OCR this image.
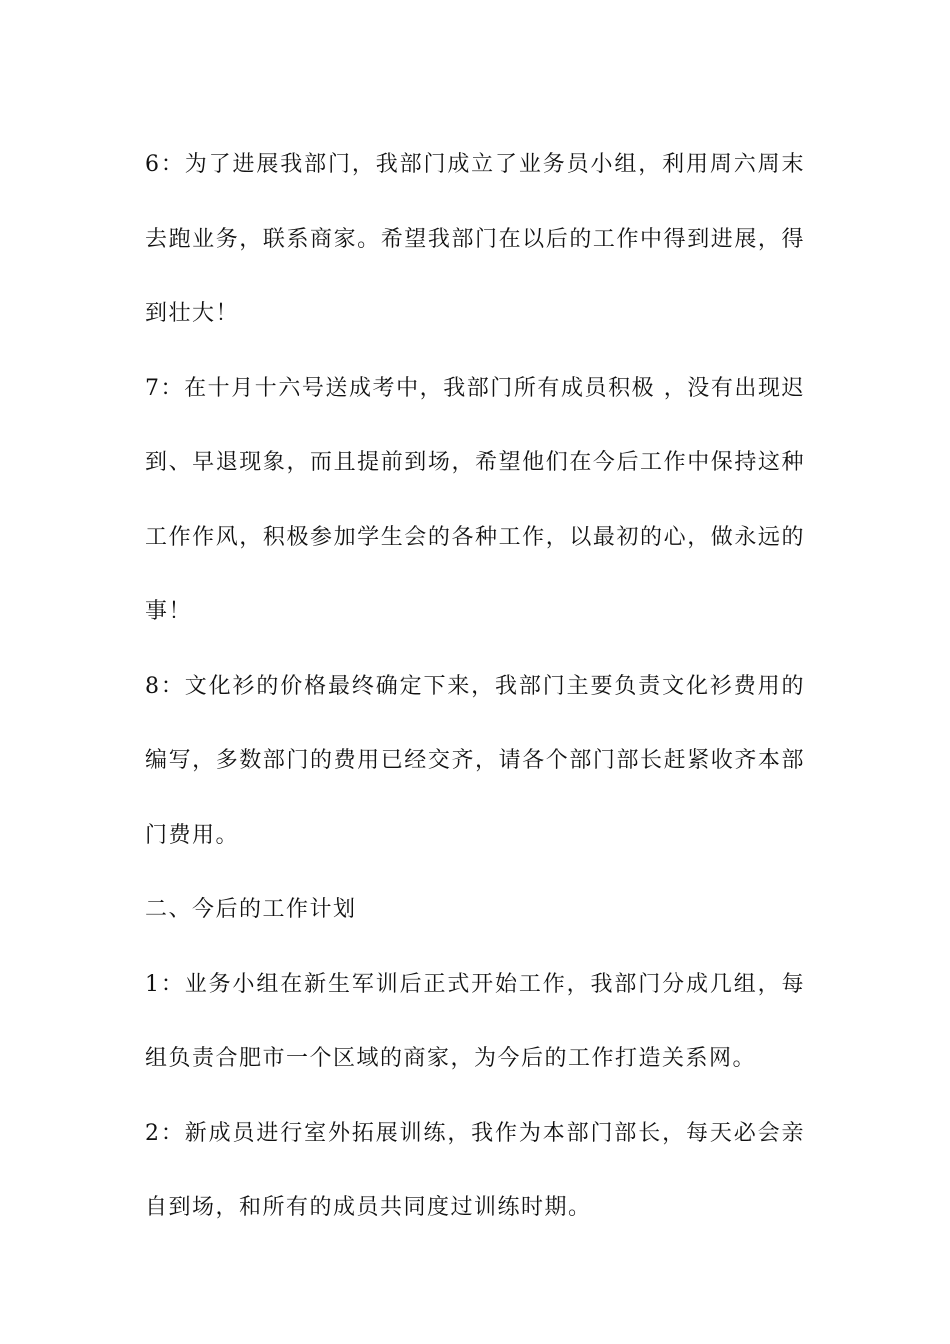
6：为了进展我部门，我部门成立了业务员小组，利用周六周末去跑业务，联系商家。希望我部门在以后的工作中得到进展，得到壮大！

7：在十月十六号送成考中，我部门所有成员积极 ，没有出现迟到、早退现象，而且提前到场，希望他们在今后工作中保持这种工作作风，积极参加学生会的各种工作，以最初的心，做永远的事！

8：文化衫的价格最终确定下来，我部门主要负责文化衫费用的编写，多数部门的费用已经交齐，请各个部门部长赶紧收齐本部门费用。

二、今后的工作计划

1：业务小组在新生军训后正式开始工作，我部门分成几组，每组负责合肥市一个区域的商家，为今后的工作打造关系网。

2：新成员进行室外拓展训练，我作为本部门部长，每天必会亲自到场，和所有的成员共同度过训练时期。
